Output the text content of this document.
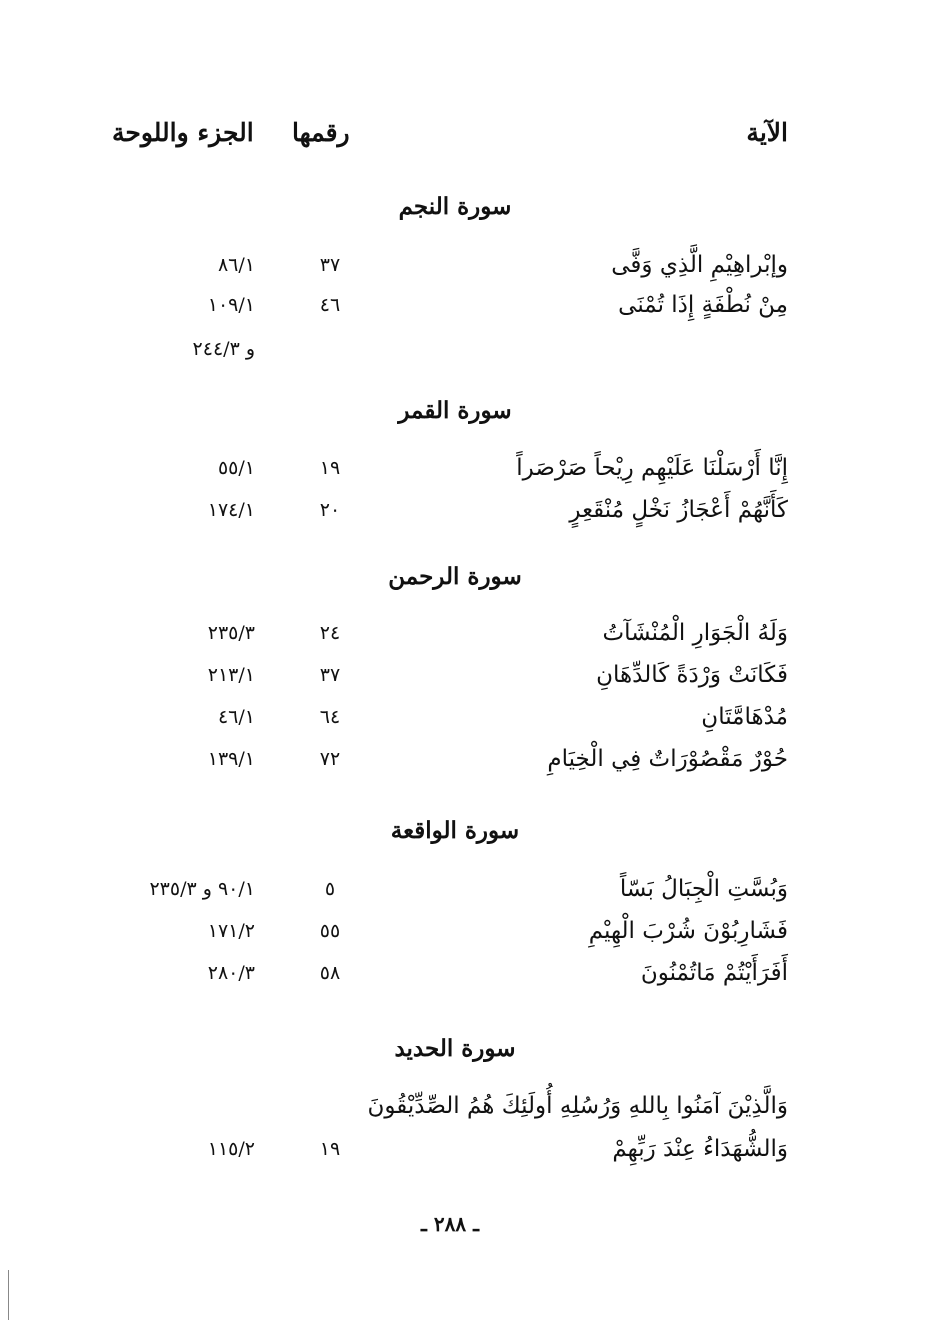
الآية
رقمها
الجزء واللوحة
سورة النجم
وإبْراهِيْمِ الَّذِي وَفَّى
٣٧
٨٦/١
مِنْ نُطْفَةٍ إِذَا تُمْنَى
٤٦
١٠٩/١
و ٢٤٤/٣
سورة القمر
إِنَّا أَرْسَلْنَا عَلَيْهِم رِيْحاً صَرْصَراً
١٩
٥٥/١
كَأَنَّهُمْ أَعْجَازُ نَخْلٍ مُنْقَعِرٍ
٢٠
١٧٤/١
سورة الرحمن
وَلَهُ الْجَوَارِ الْمُنْشَآتُ
٢٤
٢٣٥/٣
فَكَانَتْ وَرْدَةً كَالدِّهَانِ
٣٧
٢١٣/١
مُدْهَامَّتَانِ
٦٤
٤٦/١
حُوْرٌ مَقْصُوْرَاتٌ فِي الْخِيَامِ
٧٢
١٣٩/١
سورة الواقعة
وَبُسَّتِ الْجِبَالُ بَسّاً
٥
٩٠/١ و ٢٣٥/٣
فَشَارِبُوْنَ شُرْبَ الْهِيْمِ
٥٥
١٧١/٢
أَفَرَأَيْتُمْ مَاتُمْنُونَ
٥٨
٢٨٠/٣
سورة الحديد
وَالَّذِيْنَ آمَنُوا بِاللهِ وَرُسُلِهِ أُولَئِكَ هُمُ الصِّدِّيْقُونَ
وَالشُّهَدَاءُ عِنْدَ رَبِّهِمْ
١٩
١١٥/٢
ـ ٢٨٨ ـ
